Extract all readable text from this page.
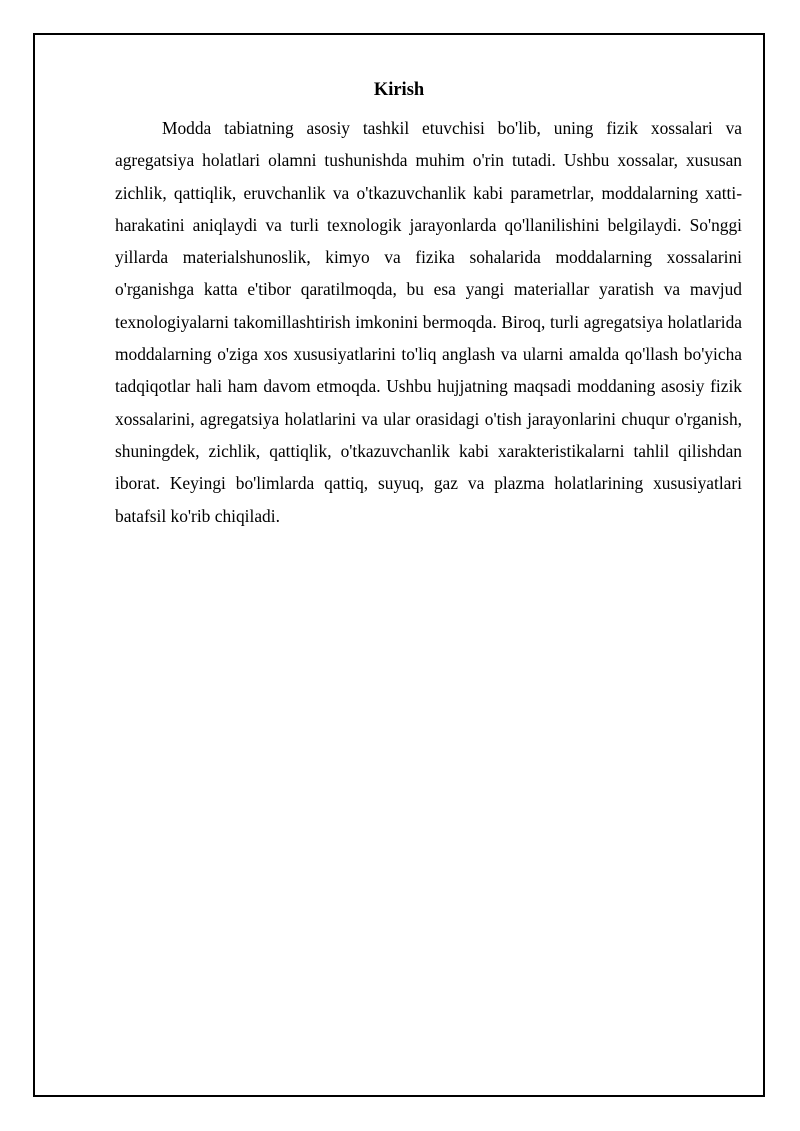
Kirish

Modda tabiatning asosiy tashkil etuvchisi bo'lib, uning fizik xossalari va agregatsiya holatlari olamni tushunishda muhim o'rin tutadi. Ushbu xossalar, xususan zichlik, qattiqlik, eruvchanlik va o'tkazuvchanlik kabi parametrlar, moddalarning xatti-harakatini aniqlaydi va turli texnologik jarayonlarda qo'llanilishini belgilaydi. So'nggi yillarda materialshunoslik, kimyo va fizika sohalarida moddalarning xossalarini o'rganishga katta e'tibor qaratilmoqda, bu esa yangi materiallar yaratish va mavjud texnologiyalarni takomillashtirish imkonini bermoqda. Biroq, turli agregatsiya holatlarida moddalarning o'ziga xos xususiyatlarini to'liq anglash va ularni amalda qo'llash bo'yicha tadqiqotlar hali ham davom etmoqda. Ushbu hujjatning maqsadi moddaning asosiy fizik xossalarini, agregatsiya holatlarini va ular orasidagi o'tish jarayonlarini chuqur o'rganish, shuningdek, zichlik, qattiqlik, o'tkazuvchanlik kabi xarakteristikalarni tahlil qilishdan iborat. Keyingi bo'limlarda qattiq, suyuq, gaz va plazma holatlarining xususiyatlari batafsil ko'rib chiqiladi.
